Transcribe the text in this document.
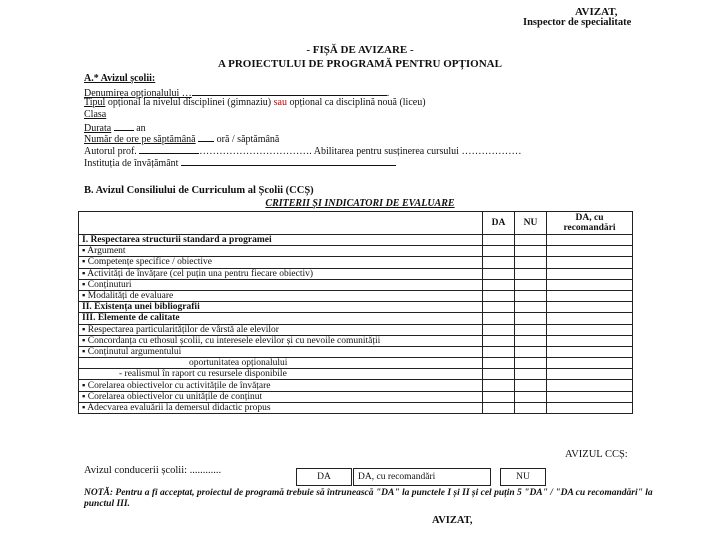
AVIZAT,
Inspector de specialitate
- FIȘĂ DE AVIZARE -
A PROIECTULUI DE PROGRAMĂ PENTRU OPȚIONAL
A.* Avizul școlii:
Denumirea opționalului …	.
Tipul opțional la nivelul disciplinei (gimnaziu) sau opțional ca disciplină nouă (liceu)
Clasa
Durata	an
Număr de ore pe săptămână oră / săptămână
Autorul prof.	……………………………. Abilitarea pentru susținerea cursului ………………
Instituția de învățământ
B. Avizul Consiliului de Curriculum al Școlii (CCȘ)
CRITERII ȘI INDICATORI DE EVALUARE
	DA	NU	DA, cu recomandări
I. Respectarea structurii standard a programei			
▪ Argument			
▪ Competențe specifice / obiective			
▪ Activități de învățare (cel puțin una pentru fiecare obiectiv)			
▪ Conținuturi			
▪ Modalități de evaluare			
II. Existența unei bibliografii			
III. Elemente de calitate			
▪ Respectarea particularităților de vârstă ale elevilor			
▪ Concordanța cu ethosul școlii, cu interesele elevilor și cu nevoile comunității			
▪ Conținutul argumentului			
oportunitatea opționalului			
- realismul în raport cu resursele disponibile			
▪ Corelarea obiectivelor cu activitățile de învățare			
▪ Corelarea obiectivelor cu unitățile de conținut			
▪ Adecvarea evaluării la demersul didactic propus			
AVIZUL CCȘ:
Avizul conducerii școlii: ............
DA	DA, cu recomandări	NU
NOTĂ: Pentru a fi acceptat, proiectul de programă trebuie să întrunească "DA" la punctele I și II și cel puțin 5 "DA" / "DA cu recomandări" la punctul III.
AVIZAT,
